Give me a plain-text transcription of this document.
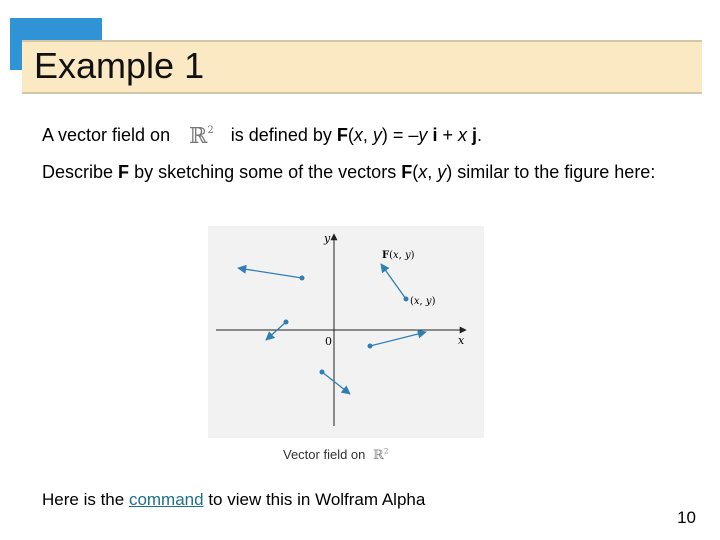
Example 1
A vector field on ℝ$^2$ is defined by F(x, y) = –y i + x j.
Describe F by sketching some of the vectors F(x, y) similar to the figure here:
y
x
0
F(x, y)
(x, y)
Vector field on ℝ$^2$
Here is the command to view this in Wolfram Alpha
10
